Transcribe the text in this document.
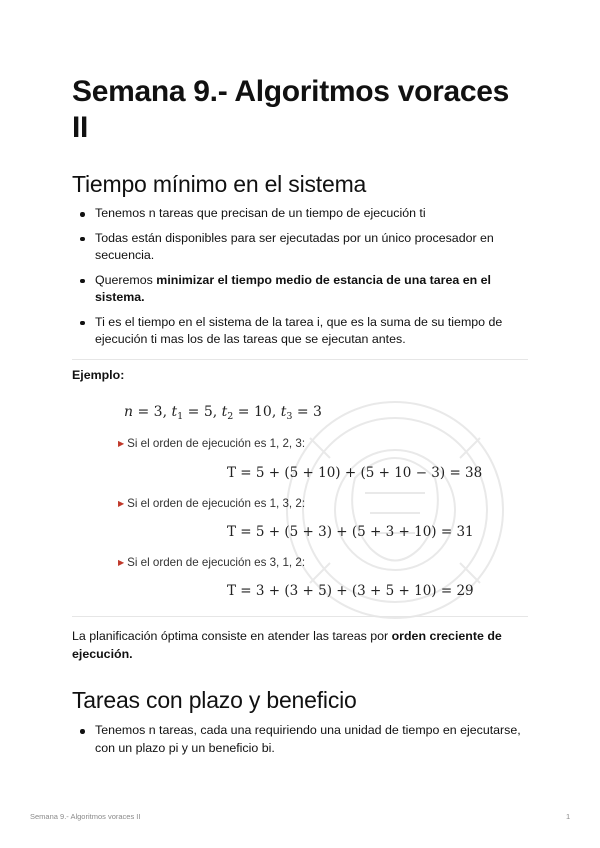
Semana 9.- Algoritmos voraces II
Tiempo mínimo en el sistema
Tenemos n tareas que precisan de un tiempo de ejecución ti
Todas están disponibles para ser ejecutadas por un único procesador en secuencia.
Queremos minimizar el tiempo medio de estancia de una tarea en el sistema.
Ti es el tiempo en el sistema de la tarea i, que es la suma de su tiempo de ejecución ti mas los de las tareas que se ejecutan antes.
Ejemplo:
n = 3, $t_1 = 5$, $t_2 = 10$, $t_3 = 3$
▶ Si el orden de ejecución es 1, 2, 3:
T = 5 + (5 + 10) + (5 + 10 − 3) = 38
▶ Si el orden de ejecución es 1, 3, 2:
T = 5 + (5 + 3) + (5 + 3 + 10) = 31
▶ Si el orden de ejecución es 3, 1, 2:
T = 3 + (3 + 5) + (3 + 5 + 10) = 29

La planificación óptima consiste en atender las tareas por orden creciente de ejecución.

Tareas con plazo y beneficio
Tenemos n tareas, cada una requiriendo una unidad de tiempo en ejecutarse, con un plazo pi y un beneficio bi.
Semana 9.- Algoritmos voraces II	1
